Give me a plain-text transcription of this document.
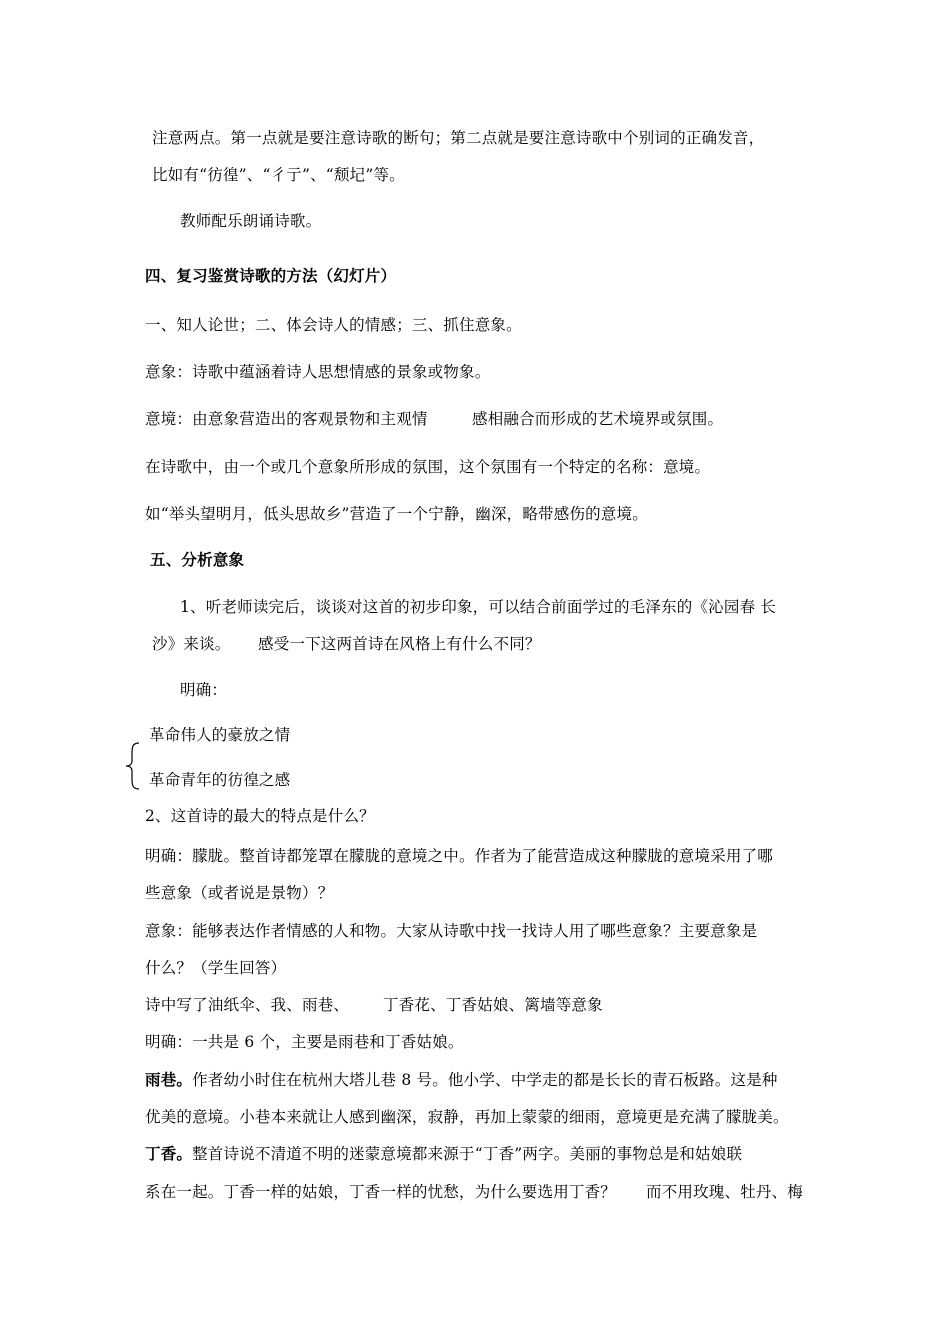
注意两点。第一点就是要注意诗歌的断句；第二点就是要注意诗歌中个别词的正确发音，
比如有“彷徨”、“彳亍”、“颓圮”等。
教师配乐朗诵诗歌。
四、复习鉴赏诗歌的方法（幻灯片）
一、知人论世；二、体会诗人的情感；三、抓住意象。
意象：诗歌中蕴涵着诗人思想情感的景象或物象。
意境：由意象营造出的客观景物和主观情	感相融合而形成的艺术境界或氛围。
在诗歌中，由一个或几个意象所形成的氛围，这个氛围有一个特定的名称：意境。
如“举头望明月，低头思故乡”营造了一个宁静，幽深，略带感伤的意境。
五、分析意象
1、听老师读完后，谈谈对这首的初步印象，可以结合前面学过的毛泽东的《沁园春 长
沙》来谈。 感受一下这两首诗在风格上有什么不同？
明确：
革命伟人的豪放之情
革命青年的彷徨之感
2、这首诗的最大的特点是什么？
明确：朦胧。整首诗都笼罩在朦胧的意境之中。作者为了能营造成这种朦胧的意境采用了哪
些意象（或者说是景物）？
意象：能够表达作者情感的人和物。大家从诗歌中找一找诗人用了哪些意象？主要意象是
什么？（学生回答）
诗中写了油纸伞、我、雨巷、 丁香花、丁香姑娘、篱墙等意象
明确：一共是 6 个，主要是雨巷和丁香姑娘。
雨巷。作者幼小时住在杭州大塔儿巷 8 号。他小学、中学走的都是长长的青石板路。这是种
优美的意境。小巷本来就让人感到幽深，寂静，再加上蒙蒙的细雨，意境更是充满了朦胧美。
丁香。整首诗说不清道不明的迷蒙意境都来源于“丁香”两字。美丽的事物总是和姑娘联
系在一起。丁香一样的姑娘，丁香一样的忧愁，为什么要选用丁香？ 而不用玫瑰、牡丹、梅
